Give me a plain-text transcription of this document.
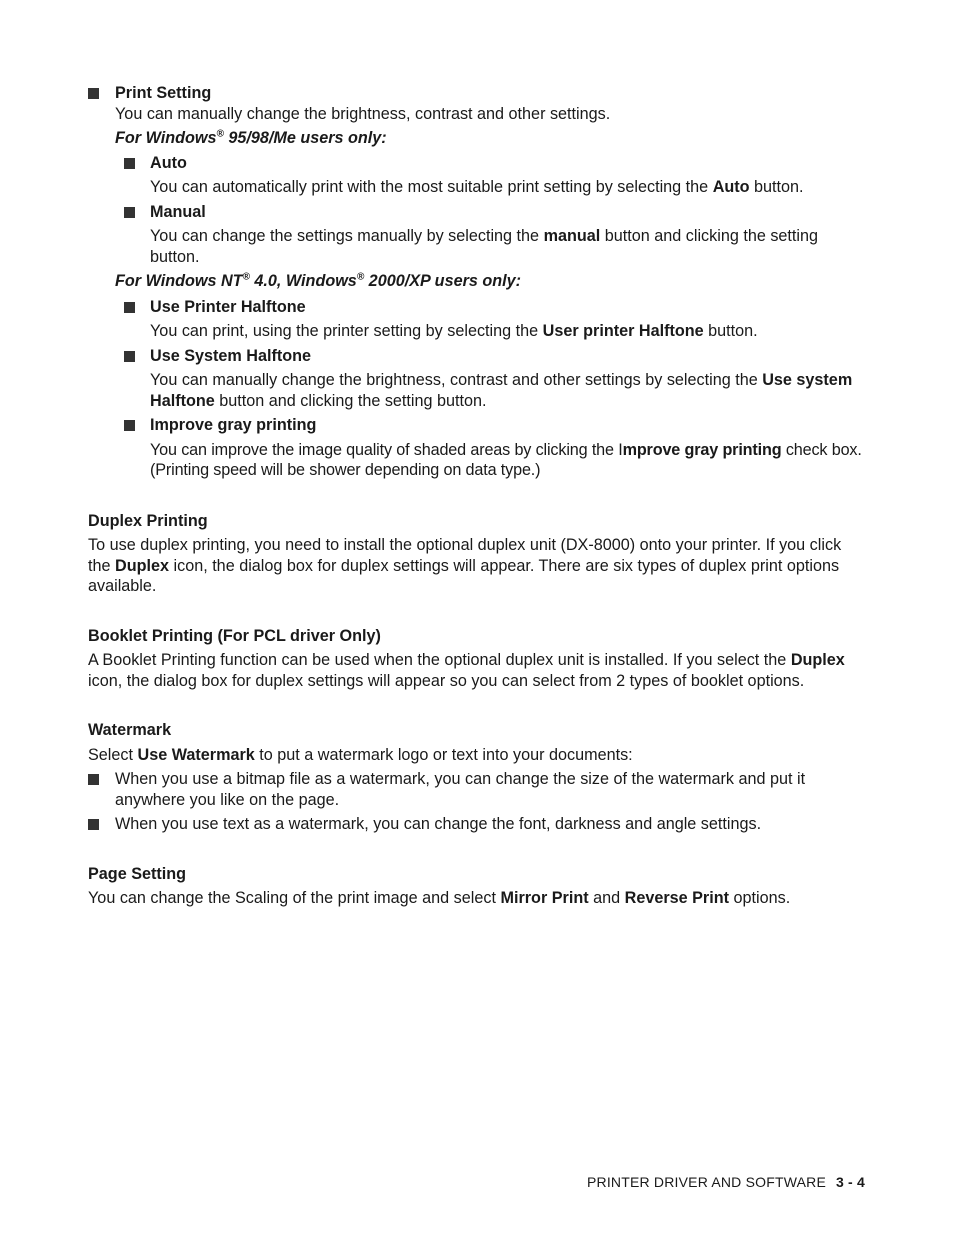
Print Setting
You can manually change the brightness, contrast and other settings.
For Windows® 95/98/Me users only:
Auto
You can automatically print with the most suitable print setting by selecting the Auto button.
Manual
You can change the settings manually by selecting the manual button and clicking the setting button.
For Windows NT® 4.0, Windows® 2000/XP users only:
Use Printer Halftone
You can print, using the printer setting by selecting the User printer Halftone button.
Use System Halftone
You can manually change the brightness, contrast and other settings by selecting the Use system Halftone button and clicking the setting button.
Improve gray printing
You can improve the image quality of shaded areas by clicking the Improve gray printing check box. (Printing speed will be shower depending on data type.)
Duplex Printing
To use duplex printing, you need to install the optional duplex unit (DX-8000) onto your printer. If you click the Duplex icon, the dialog box for duplex settings will appear. There are six types of duplex print options available.
Booklet Printing (For PCL driver Only)
A Booklet Printing function can be used when the optional duplex unit is installed. If you select the Duplex icon, the dialog box for duplex settings will appear so you can select from 2 types of booklet options.
Watermark
Select Use Watermark to put a watermark logo or text into your documents:
When you use a bitmap file as a watermark, you can change the size of the watermark and put it anywhere you like on the page.
When you use text as a watermark, you can change the font, darkness and angle settings.
Page Setting
You can change the Scaling of the print image and select Mirror Print and Reverse Print options.
PRINTER DRIVER AND SOFTWARE 3 - 4
